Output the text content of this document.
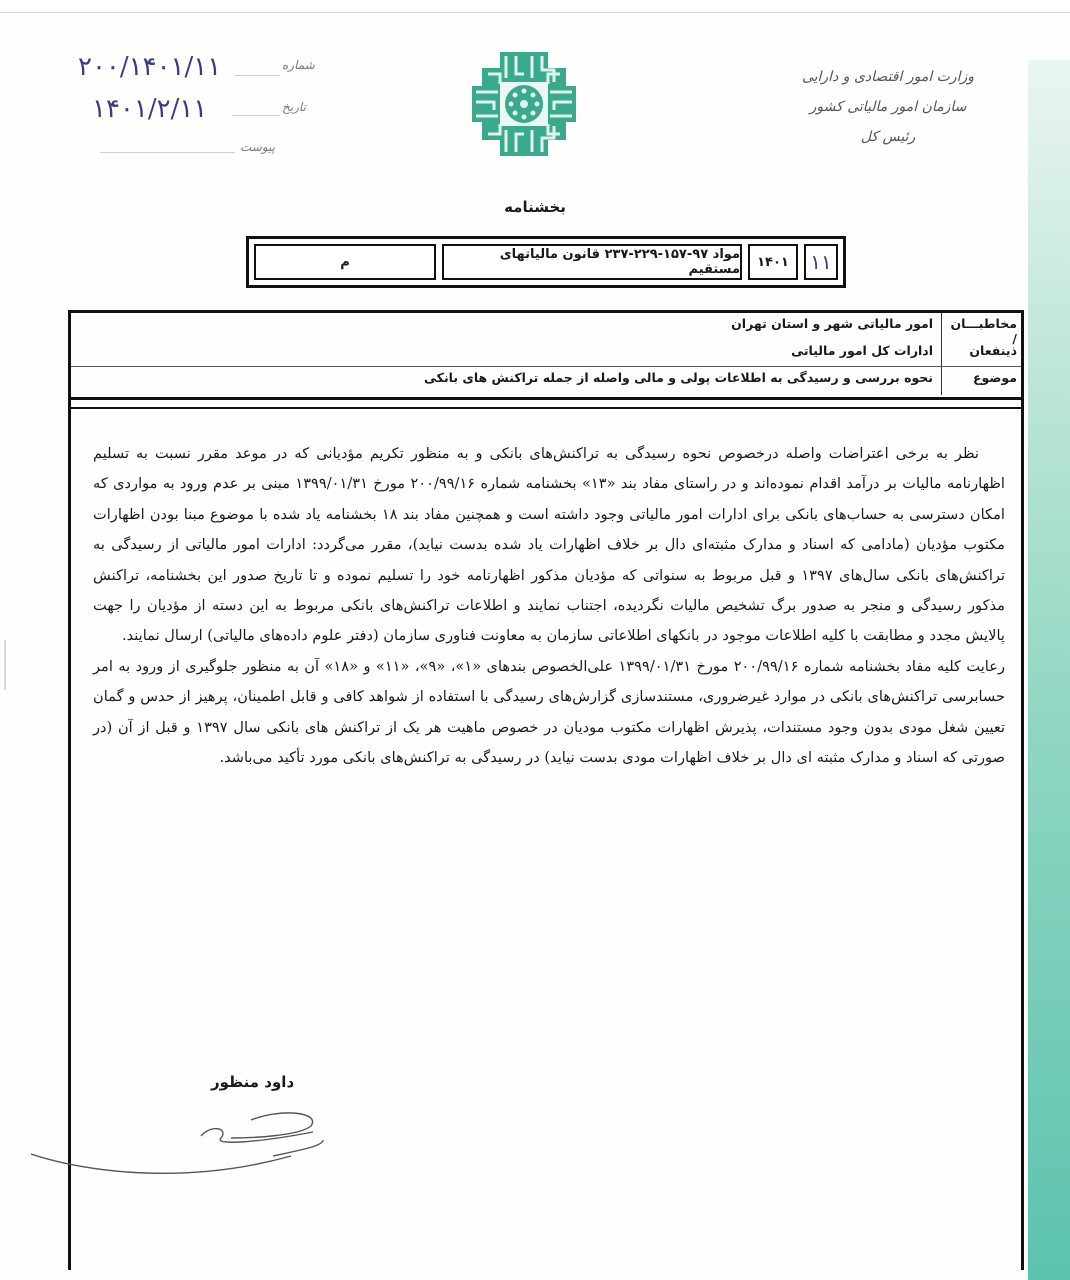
۲۰۰/۱۴۰۱/۱۱	شماره
۱۴۰۱/۲/۱۱	تاریخ
پیوست
وزارت امور اقتصادی و دارایی
سازمان امور مالیاتی کشور
رئیس کل
بخشنامه
۱۱
۱۴۰۱
مواد ۹۷-۱۵۷-۲۲۹-۲۳۷ قانون مالیاتهای مستقیم
م
مخاطبـــان /
امور مالیاتی شهر و استان تهران
ذینفعان
ادارات کل امور مالیاتی
موضوع
نحوه بررسی و رسیدگی به اطلاعات پولی و مالی واصله از جمله تراکنش های بانکی

نظر به برخی اعتراضات واصله درخصوص نحوه رسیدگی به تراکنش‌های بانکی و به منظور تکریم مؤدیانی که در موعد مقرر نسبت به تسلیم اظهارنامه مالیات بر درآمد اقدام نموده‌اند و در راستای مفاد بند «۱۳» بخشنامه شماره ۲۰۰/۹۹/۱۶ مورخ ۱۳۹۹/۰۱/۳۱ مبنی بر عدم ورود به مواردی که امکان دسترسی به حساب‌های بانکی برای ادارات امور مالیاتی وجود داشته است و همچنین مفاد بند ۱۸ بخشنامه یاد شده با موضوع مبنا بودن اظهارات مکتوب مؤدیان (مادامی که اسناد و مدارک مثبته‌ای دال بر خلاف اظهارات یاد شده بدست نیاید)، مقرر می‌گردد: ادارات امور مالیاتی از رسیدگی به تراکنش‌های بانکی سال‌های ۱۳۹۷ و قبل مربوط به سنواتی که مؤدیان مذکور اظهارنامه خود را تسلیم نموده و تا تاریخ صدور این بخشنامه، تراکنش مذکور رسیدگی و منجر به صدور برگ تشخیص مالیات نگردیده، اجتناب نمایند و اطلاعات تراکنش‌های بانکی مربوط به این دسته از مؤدیان را جهت پالایش مجدد و مطابقت با کلیه اطلاعات موجود در بانکهای اطلاعاتی سازمان به معاونت فناوری سازمان (دفتر علوم داده‌های مالیاتی) ارسال نمایند.

رعایت کلیه مفاد بخشنامه شماره ۲۰۰/۹۹/۱۶ مورخ ۱۳۹۹/۰۱/۳۱ علی‌الخصوص بندهای «۱»، «۹»، «۱۱» و «۱۸» آن به منظور جلوگیری از ورود به امر حسابرسی تراکنش‌های بانکی در موارد غیرضروری، مستندسازی گزارش‌های رسیدگی با استفاده از شواهد کافی و قابل اطمینان، پرهیز از حدس و گمان تعیین شغل مودی بدون وجود مستندات، پذیرش اظهارات مکتوب مودیان در خصوص ماهیت هر یک از تراکنش های بانکی سال ۱۳۹۷ و قبل از آن (در صورتی که اسناد و مدارک مثبته ای دال بر خلاف اظهارات مودی بدست نیاید) در رسیدگی به تراکنش‌های بانکی مورد تأکید می‌باشد.

داود منظور
